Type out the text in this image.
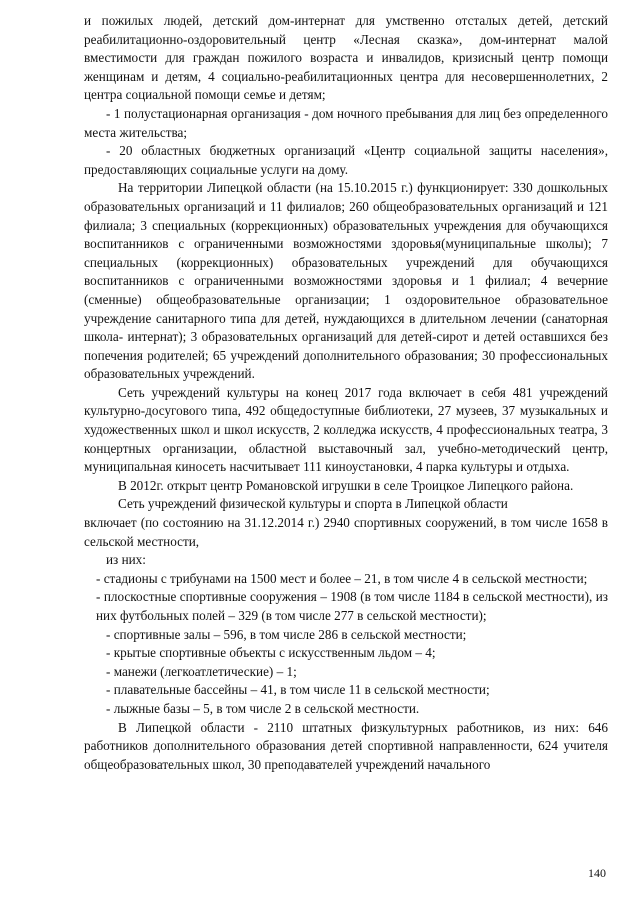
и пожилых людей, детский дом-интернат для умственно отсталых детей, детский реабилитационно-оздоровительный центр «Лесная сказка», дом-интернат малой вместимости для граждан пожилого возраста и инвалидов, кризисный центр помощи женщинам и детям, 4 социально-реабилитационных центра для несовершеннолетних, 2 центра социальной помощи семье и детям;

- 1 полустационарная организация - дом ночного пребывания для лиц без определенного места жительства;

- 20 областных бюджетных организаций «Центр социальной защиты населения», предоставляющих социальные услуги на дому.

На территории Липецкой области (на 15.10.2015 г.) функционирует: 330 дошкольных образовательных организаций и 11 филиалов; 260 общеобразовательных организаций и 121 филиала; 3 специальных (коррекционных) образовательных учреждения для обучающихся воспитанников с ограниченными возможностями здоровья(муниципальные школы); 7 специальных (коррекционных) образовательных учреждений для обучающихся воспитанников с ограниченными возможностями здоровья и 1 филиал; 4 вечерние (сменные) общеобразовательные организации; 1 оздоровительное образовательное учреждение санитарного типа для детей, нуждающихся в длительном лечении (санаторная школа- интернат); 3 образовательных организаций для детей-сирот и детей оставшихся без попечения родителей; 65 учреждений дополнительного образования; 30 профессиональных образовательных учреждений.

Сеть учреждений культуры на конец 2017 года включает в себя 481 учреждений культурно-досугового типа, 492 общедоступные библиотеки, 27 музеев, 37 музыкальных и художественных школ и школ искусств, 2 колледжа искусств, 4 профессиональных театра, 3 концертных организации, областной выставочный зал, учебно-методический центр, муниципальная киносеть насчитывает 111 киноустановки, 4 парка культуры и отдыха.

В 2012г. открыт центр Романовской игрушки в селе Троицкое Липецкого района.

Сеть учреждений физической культуры и спорта в Липецкой области

включает (по состоянию на 31.12.2014 г.) 2940 спортивных сооружений, в том числе 1658 в сельской местности,

из них:

- стадионы с трибунами на 1500 мест и более – 21, в том числе 4 в сельской местности;

- плоскостные спортивные сооружения – 1908 (в том числе 1184 в сельской местности), из них футбольных полей – 329 (в том числе 277 в сельской местности);

- спортивные залы – 596, в том числе 286 в сельской местности;

- крытые спортивные объекты с искусственным льдом – 4;

- манежи (легкоатлетические) – 1;

- плавательные бассейны – 41, в том числе 11 в сельской местности;

- лыжные базы – 5, в том числе 2 в сельской местности.

В Липецкой области - 2110 штатных физкультурных работников, из них: 646 работников дополнительного образования детей спортивной направленности, 624 учителя общеобразовательных школ, 30 преподавателей учреждений начального

140
